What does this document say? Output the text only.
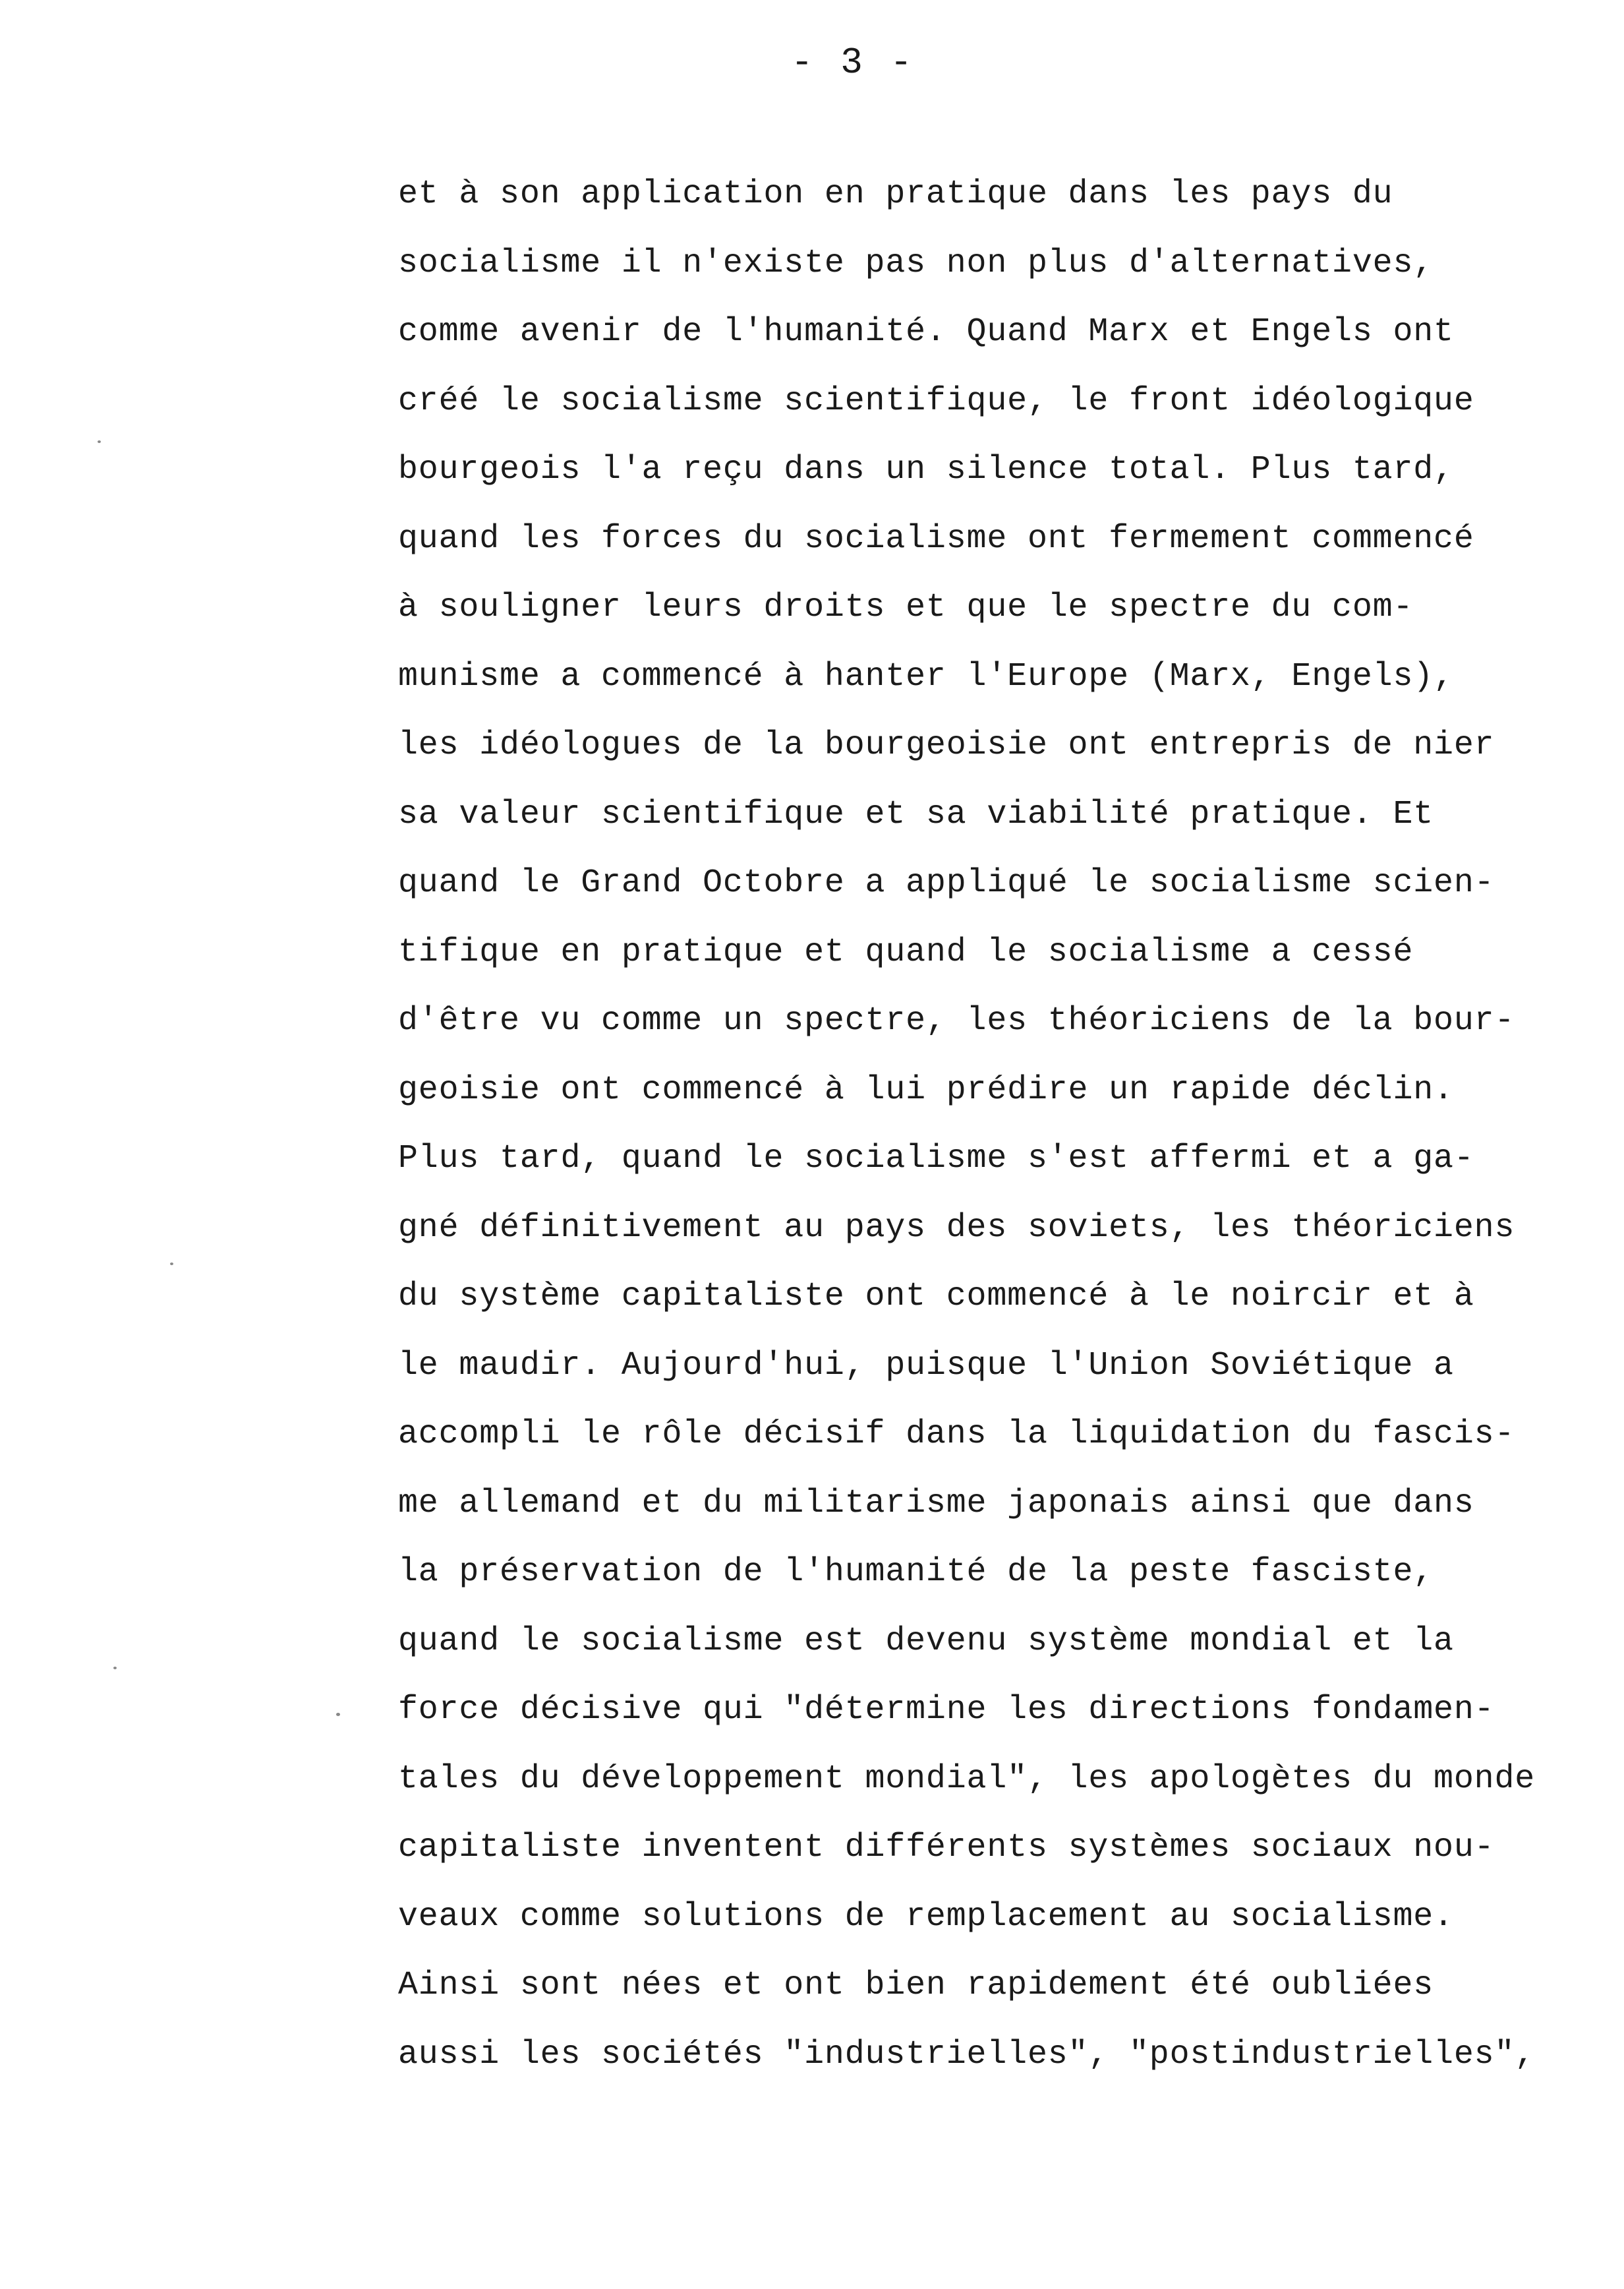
- 3 -
et à son application en pratique dans les pays du
socialisme il n'existe pas non plus d'alternatives,
comme avenir de l'humanité. Quand Marx et Engels ont
créé le socialisme scientifique, le front idéologique
bourgeois l'a reçu dans un silence total. Plus tard,
quand les forces du socialisme ont fermement commencé
à souligner leurs droits et que le spectre du com-
munisme a commencé à hanter l'Europe (Marx, Engels),
les idéologues de la bourgeoisie ont entrepris de nier
sa valeur scientifique et sa viabilité pratique. Et
quand le Grand Octobre a appliqué le socialisme scien-
tifique en pratique et quand le socialisme a cessé
d'être vu comme un spectre, les théoriciens de la bour-
geoisie ont commencé à lui prédire un rapide déclin.
Plus tard, quand le socialisme s'est affermi et a ga-
gné définitivement au pays des soviets, les théoriciens
du système capitaliste ont commencé à le noircir et à
le maudir. Aujourd'hui, puisque l'Union Soviétique a
accompli le rôle décisif dans la liquidation du fascis-
me allemand et du militarisme japonais ainsi que dans
la préservation de l'humanité de la peste fasciste,
quand le socialisme est devenu système mondial et la
force décisive qui "détermine les directions fondamen-
tales du développement mondial", les apologètes du monde
capitaliste inventent différents systèmes sociaux nou-
veaux comme solutions de remplacement au socialisme.
Ainsi sont nées et ont bien rapidement été oubliées
aussi les sociétés "industrielles", "postindustrielles",
